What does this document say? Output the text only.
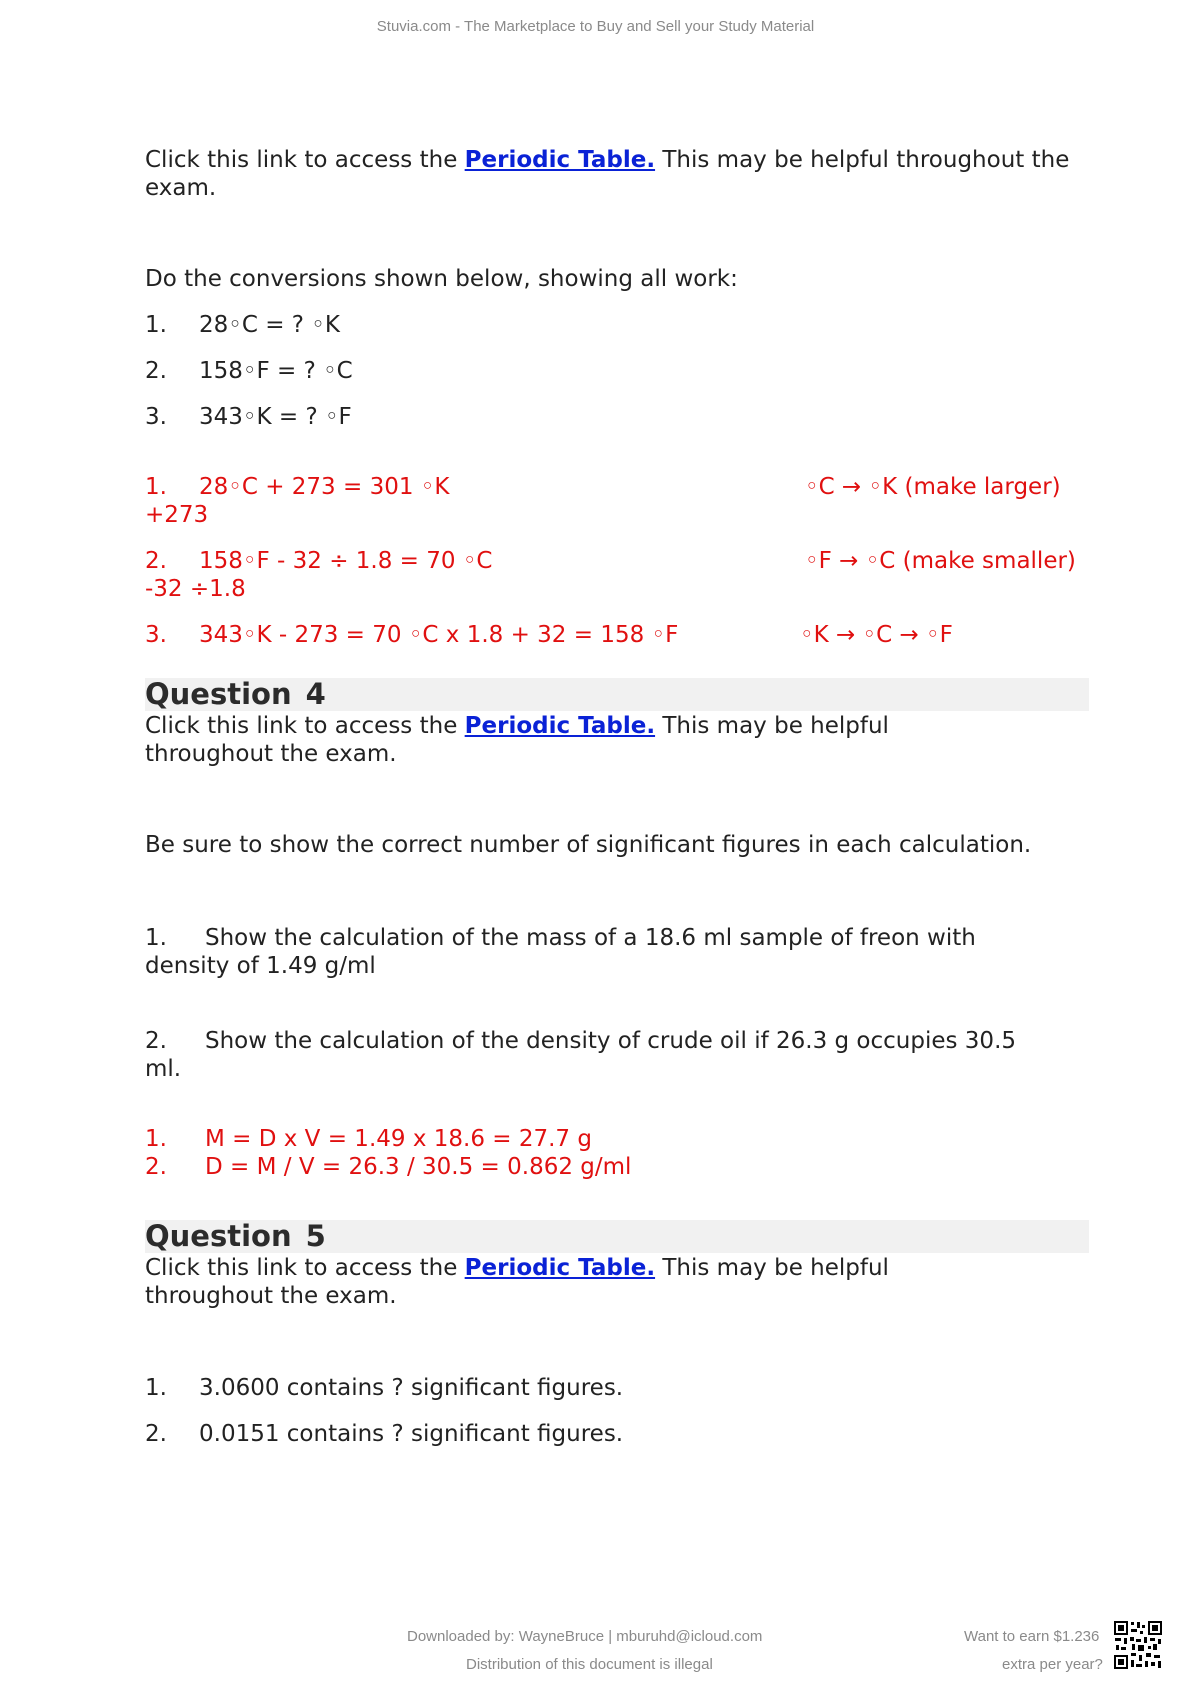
Stuvia.com - The Marketplace to Buy and Sell your Study Material

Click this link to access the Periodic Table. This may be helpful throughout the exam.

Do the conversions shown below, showing all work:

1. 28◦C = ? ◦K

2. 158◦F = ? ◦C

3. 343◦K = ? ◦F

1. 28◦C + 273 = 301 ◦K	◦C → ◦K (make larger)

+273

2. 158◦F - 32 ÷ 1.8 = 70 ◦C	◦F → ◦C (make smaller)

-32 ÷1.8

3. 343◦K - 273 = 70 ◦C x 1.8 + 32 = 158 ◦F	◦K → ◦C → ◦F

Question 4

Click this link to access the Periodic Table. This may be helpful

throughout the exam.

Be sure to show the correct number of significant figures in each calculation.

1. Show the calculation of the mass of a 18.6 ml sample of freon with

density of 1.49 g/ml

2. Show the calculation of the density of crude oil if 26.3 g occupies 30.5

ml.

1. M = D x V = 1.49 x 18.6 = 27.7 g

2. D = M / V = 26.3 / 30.5 = 0.862 g/ml

Question 5

Click this link to access the Periodic Table. This may be helpful

throughout the exam.

1. 3.0600 contains ? significant figures.

2. 0.0151 contains ? significant figures.

Downloaded by: WayneBruce | mburuhd@icloud.com
Distribution of this document is illegal
Want to earn $1.236
extra per year?
